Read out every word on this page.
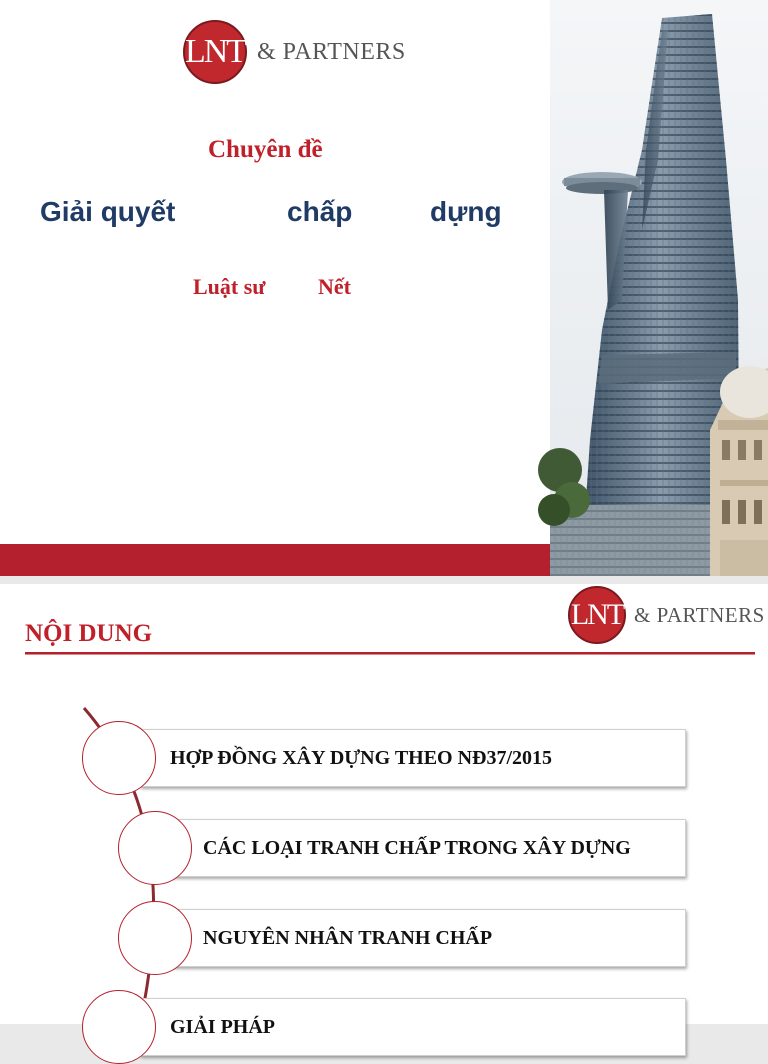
LNT & PARTNERS
Chuyên đề
Giải quyết	chấp	dựng
Luật sư Nết
LNT & PARTNERS
NỘI DUNG
HỢP ĐỒNG XÂY DỰNG THEO NĐ37/2015
CÁC LOẠI TRANH CHẤP TRONG XÂY DỰNG
NGUYÊN NHÂN TRANH CHẤP
GIẢI PHÁP
